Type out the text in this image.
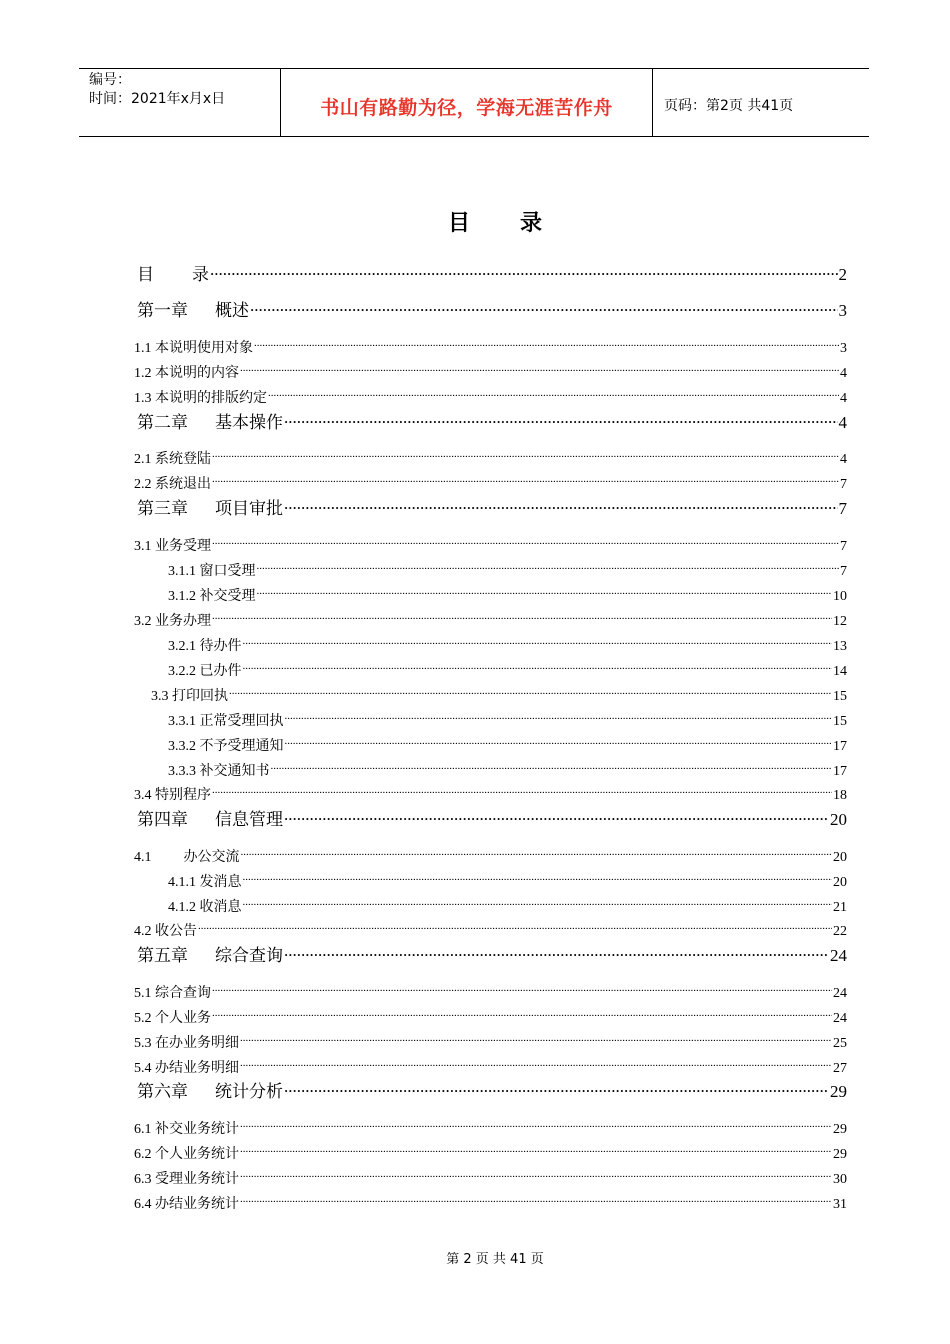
编号：
时间：2021年x月x日	书山有路勤为径，学海无涯苦作舟	页码：第2页 共41页
目 录
目 录 .....	2
第一章 概述 .....	3
1.1 本说明使用对象 .....	3
1.2 本说明的内容 .....	4
1.3 本说明的排版约定 .....	4
第二章 基本操作 .....	4
2.1 系统登陆 .....	4
2.2 系统退出 .....	7
第三章 项目审批 .....	7
3.1 业务受理 .....	7
3.1.1 窗口受理 .....	7
3.1.2 补交受理 .....	10
3.2 业务办理 .....	12
3.2.1 待办件 .....	13
3.2.2 已办件 .....	14
3.3 打印回执 .....	15
3.3.1 正常受理回执 .....	15
3.3.2 不予受理通知 .....	17
3.3.3 补交通知书 .....	17
3.4 特别程序 .....	18
第四章 信息管理 .....	20
4.1 办公交流 .....	20
4.1.1 发消息 .....	20
4.1.2 收消息 .....	21
4.2 收公告 .....	22
第五章 综合查询 .....	24
5.1 综合查询 .....	24
5.2 个人业务 .....	24
5.3 在办业务明细 .....	25
5.4 办结业务明细 .....	27
第六章 统计分析 .....	29
6.1 补交业务统计 .....	29
6.2 个人业务统计 .....	29
6.3 受理业务统计 .....	30
6.4 办结业务统计 .....	31
第 2 页 共 41 页
